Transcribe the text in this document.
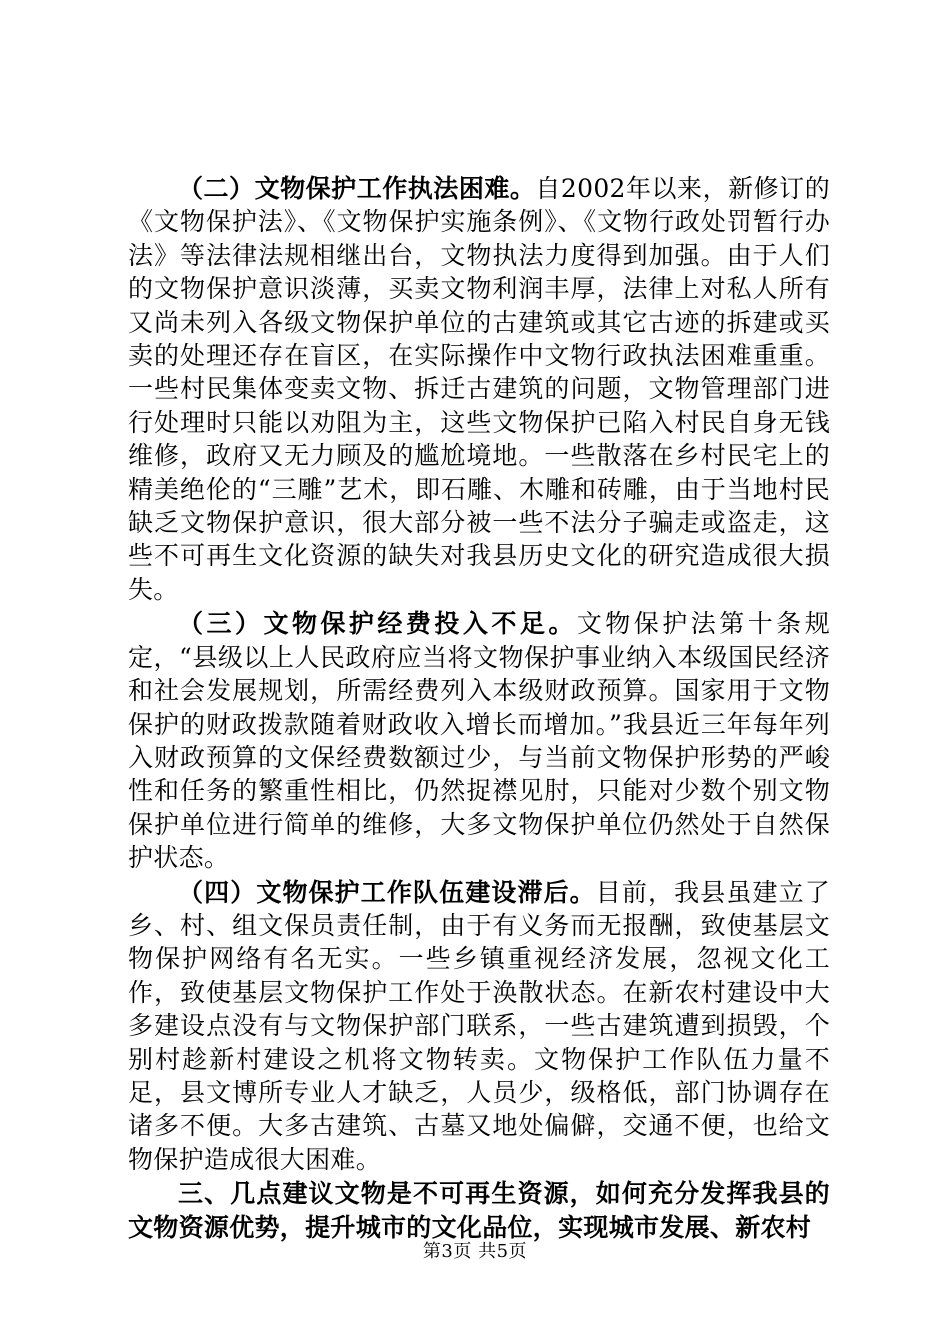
（二）文物保护工作执法困难。自2002年以来，新修订的《文物保护法》、《文物保护实施条例》、《文物行政处罚暂行办法》等法律法规相继出台，文物执法力度得到加强。由于人们的文物保护意识淡薄，买卖文物利润丰厚，法律上对私人所有又尚未列入各级文物保护单位的古建筑或其它古迹的拆建或买卖的处理还存在盲区，在实际操作中文物行政执法困难重重。一些村民集体变卖文物、拆迁古建筑的问题，文物管理部门进行处理时只能以劝阻为主，这些文物保护已陷入村民自身无钱维修，政府又无力顾及的尴尬境地。一些散落在乡村民宅上的精美绝伦的“三雕”艺术，即石雕、木雕和砖雕，由于当地村民缺乏文物保护意识，很大部分被一些不法分子骗走或盗走，这些不可再生文化资源的缺失对我县历史文化的研究造成很大损失。

（三）文物保护经费投入不足。文物保护法第十条规定，“县级以上人民政府应当将文物保护事业纳入本级国民经济和社会发展规划，所需经费列入本级财政预算。国家用于文物保护的财政拨款随着财政收入增长而增加。”我县近三年每年列入财政预算的文保经费数额过少，与当前文物保护形势的严峻性和任务的繁重性相比，仍然捉襟见肘，只能对少数个别文物保护单位进行简单的维修，大多文物保护单位仍然处于自然保护状态。

（四）文物保护工作队伍建设滞后。目前，我县虽建立了乡、村、组文保员责任制，由于有义务而无报酬，致使基层文物保护网络有名无实。一些乡镇重视经济发展，忽视文化工作，致使基层文物保护工作处于涣散状态。在新农村建设中大多建设点没有与文物保护部门联系，一些古建筑遭到损毁，个别村趁新村建设之机将文物转卖。文物保护工作队伍力量不足，县文博所专业人才缺乏，人员少，级格低，部门协调存在诸多不便。大多古建筑、古墓又地处偏僻，交通不便，也给文物保护造成很大困难。

三、几点建议文物是不可再生资源，如何充分发挥我县的文物资源优势，提升城市的文化品位，实现城市发展、新农村

第3页 共5页
